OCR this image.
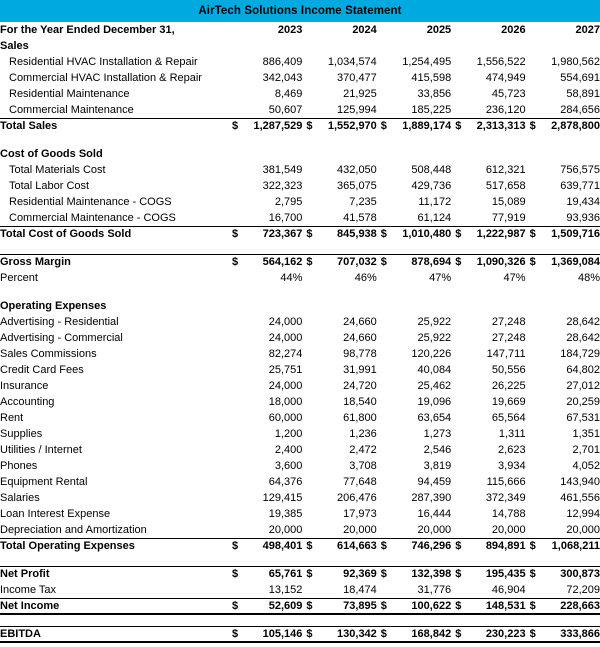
AirTech Solutions Income Statement
For the Year Ended December 31,	2023	2024	2025	2026	2027
Sales					
Residential HVAC Installation & Repair	886,409	1,034,574	1,254,495	1,556,522	1,980,562
Commercial HVAC Installation & Repair	342,043	370,477	415,598	474,949	554,691
Residential Maintenance	8,469	21,925	33,856	45,723	58,891
Commercial Maintenance	50,607	125,994	185,225	236,120	284,656
Total Sales	$ 1,287,529	$ 1,552,970	$ 1,889,174	$ 2,313,313	$ 2,878,800

Cost of Goods Sold					
Total Materials Cost	381,549	432,050	508,448	612,321	756,575
Total Labor Cost	322,323	365,075	429,736	517,658	639,771
Residential Maintenance - COGS	2,795	7,235	11,172	15,089	19,434
Commercial Maintenance - COGS	16,700	41,578	61,124	77,919	93,936
Total Cost of Goods Sold	$ 723,367	$ 845,938	$ 1,010,480	$ 1,222,987	$ 1,509,716

Gross Margin	$ 564,162	$ 707,032	$ 878,694	$ 1,090,326	$ 1,369,084
Percent	44%	46%	47%	47%	48%

Operating Expenses					
Advertising - Residential	24,000	24,660	25,922	27,248	28,642
Advertising - Commercial	24,000	24,660	25,922	27,248	28,642
Sales Commissions	82,274	98,778	120,226	147,711	184,729
Credit Card Fees	25,751	31,991	40,084	50,556	64,802
Insurance	24,000	24,720	25,462	26,225	27,012
Accounting	18,000	18,540	19,096	19,669	20,259
Rent	60,000	61,800	63,654	65,564	67,531
Supplies	1,200	1,236	1,273	1,311	1,351
Utilities / Internet	2,400	2,472	2,546	2,623	2,701
Phones	3,600	3,708	3,819	3,934	4,052
Equipment Rental	64,376	77,648	94,459	115,666	143,940
Salaries	129,415	206,476	287,390	372,349	461,556
Loan Interest Expense	19,385	17,973	16,444	14,788	12,994
Depreciation and Amortization	20,000	20,000	20,000	20,000	20,000
Total Operating Expenses	$ 498,401	$ 614,663	$ 746,296	$ 894,891	$ 1,068,211

Net Profit	$ 65,761	$ 92,369	$ 132,398	$ 195,435	$ 300,873
Income Tax	13,152	18,474	31,776	46,904	72,209
Net Income	$ 52,609	$ 73,895	$ 100,622	$ 148,531	$ 228,663

EBITDA	$ 105,146	$ 130,342	$ 168,842	$ 230,223	$ 333,866
